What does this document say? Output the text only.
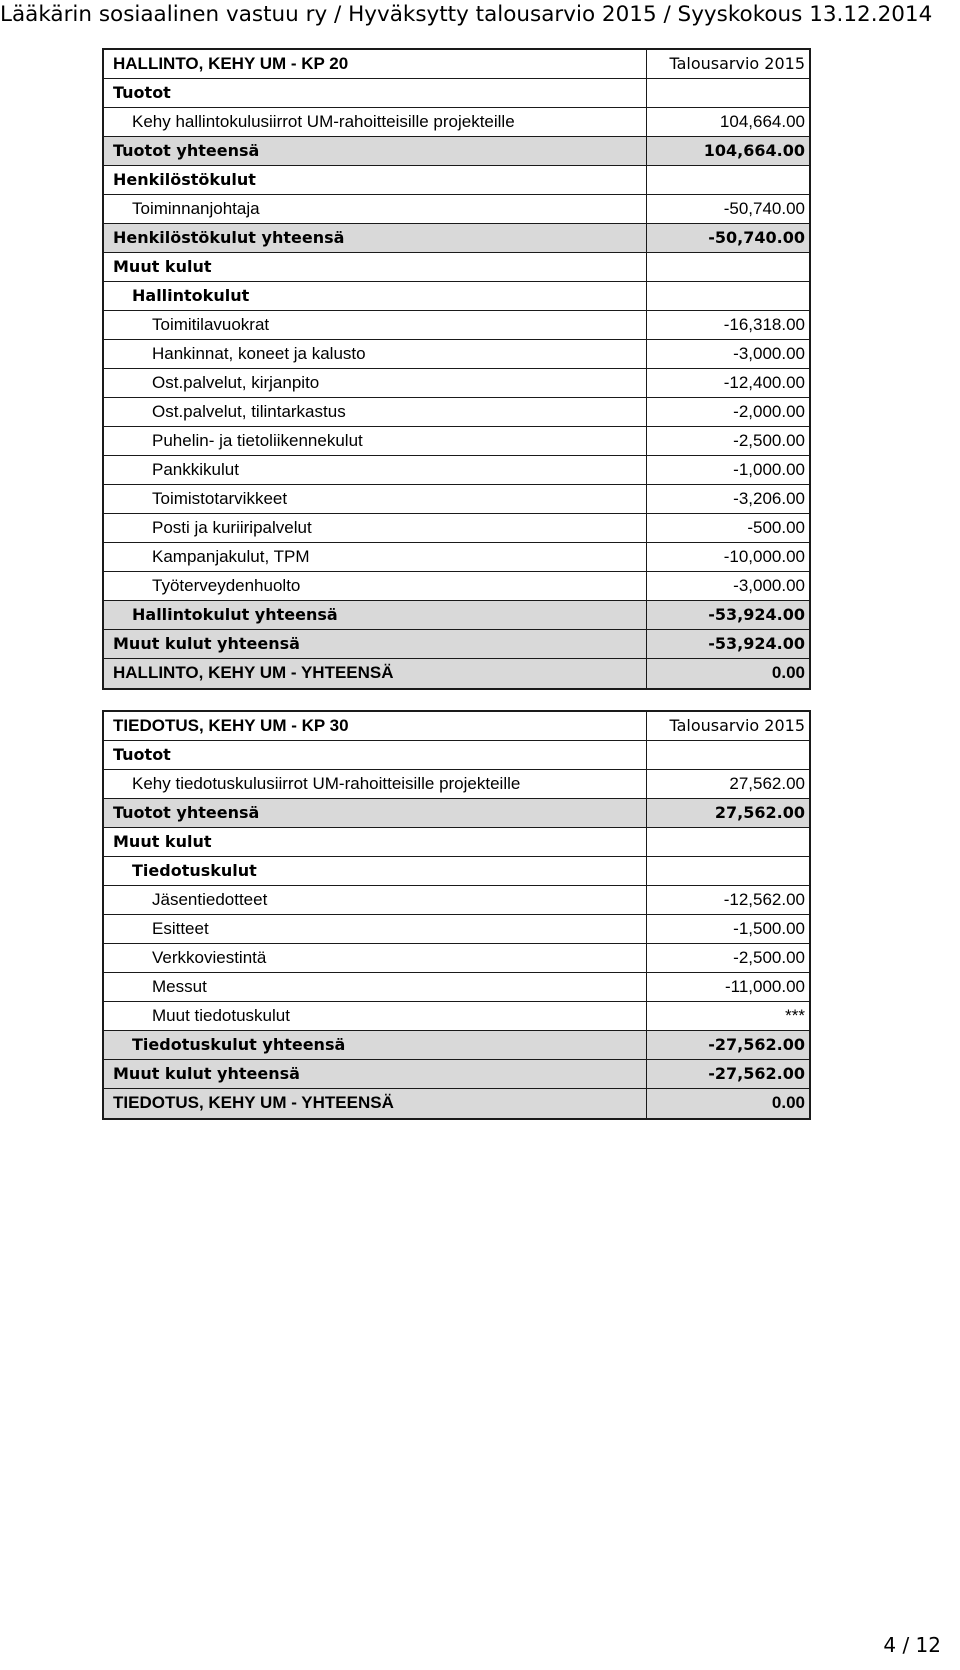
Lääkärin sosiaalinen vastuu ry / Hyväksytty talousarvio 2015 / Syyskokous 13.12.2014
HALLINTO, KEHY UM - KP 20	Talousarvio 2015
Tuotot
Kehy hallintokulusiirrot UM-rahoitteisille projekteille	104,664.00
Tuotot yhteensä	104,664.00
Henkilöstökulut
Toiminnanjohtaja	-50,740.00
Henkilöstökulut yhteensä	-50,740.00
Muut kulut
Hallintokulut
Toimitilavuokrat	-16,318.00
Hankinnat, koneet ja kalusto	-3,000.00
Ost.palvelut, kirjanpito	-12,400.00
Ost.palvelut, tilintarkastus	-2,000.00
Puhelin- ja tietoliikennekulut	-2,500.00
Pankkikulut	-1,000.00
Toimistotarvikkeet	-3,206.00
Posti ja kuriiripalvelut	-500.00
Kampanjakulut, TPM	-10,000.00
Työterveydenhuolto	-3,000.00
Hallintokulut yhteensä	-53,924.00
Muut kulut yhteensä	-53,924.00
HALLINTO, KEHY UM - YHTEENSÄ	0.00
TIEDOTUS, KEHY UM - KP 30	Talousarvio 2015
Tuotot
Kehy tiedotuskulusiirrot UM-rahoitteisille projekteille	27,562.00
Tuotot yhteensä	27,562.00
Muut kulut
Tiedotuskulut
Jäsentiedotteet	-12,562.00
Esitteet	-1,500.00
Verkkoviestintä	-2,500.00
Messut	-11,000.00
Muut tiedotuskulut	***
Tiedotuskulut yhteensä	-27,562.00
Muut kulut yhteensä	-27,562.00
TIEDOTUS, KEHY UM - YHTEENSÄ	0.00
4 / 12
